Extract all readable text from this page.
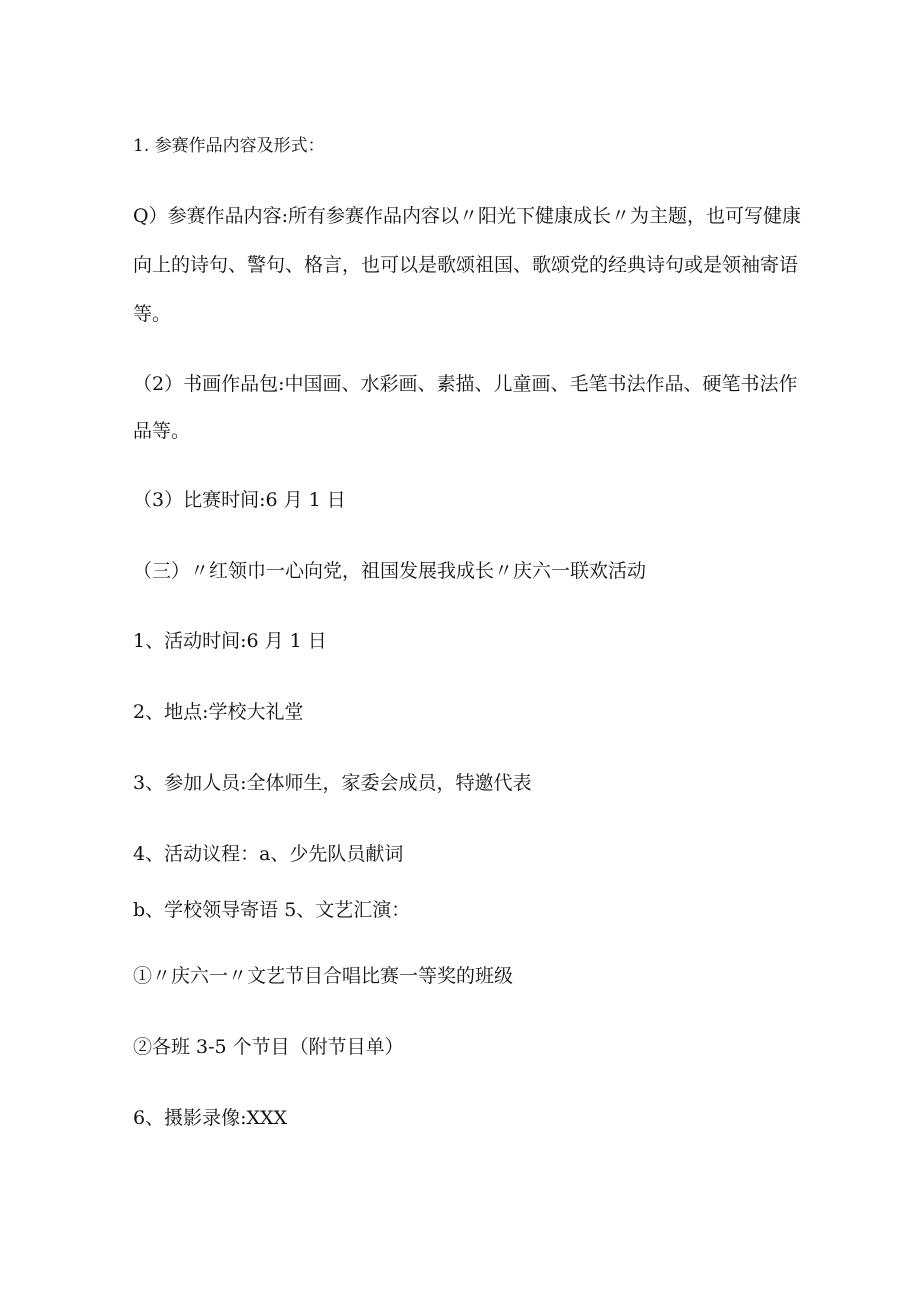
1. 参赛作品内容及形式：
Q）参赛作品内容:所有参赛作品内容以〃阳光下健康成长〃为主题，也可写健康
向上的诗句、警句、格言，也可以是歌颂祖国、歌颂党的经典诗句或是领袖寄语
等。
（2）书画作品包:中国画、水彩画、素描、儿童画、毛笔书法作品、硬笔书法作
品等。
（3）比赛时间:6 月 1 日
（三）〃红领巾一心向党，祖国发展我成长〃庆六一联欢活动
1、活动时间:6 月 1 日
2、地点:学校大礼堂
3、参加人员:全体师生，家委会成员，特邀代表
4、活动议程：a、少先队员献词
b、学校领导寄语 5、文艺汇演：
①〃庆六一〃文艺节目合唱比赛一等奖的班级
②各班 3-5 个节目（附节目单）
6、摄影录像:XXX
